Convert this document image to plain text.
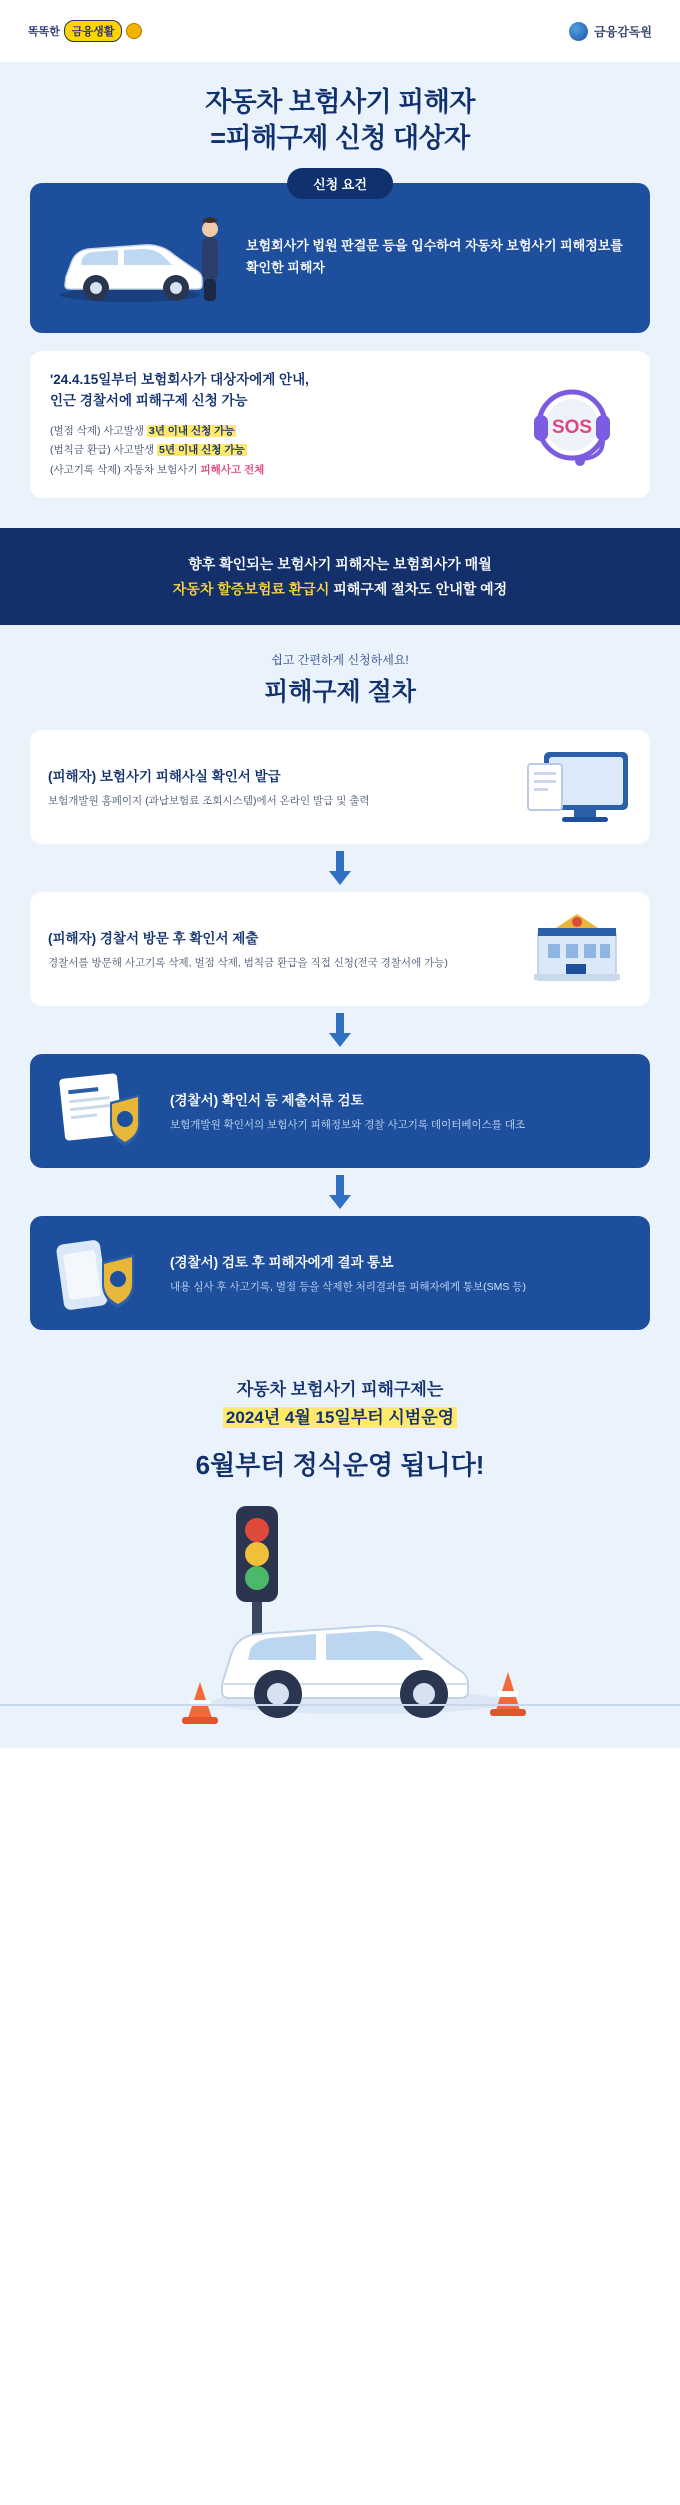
똑똑한	금융생활	금융감독원
자동차 보험사기 피해자
=피해구제 신청 대상자
신청 요건
보험회사가 법원 판결문 등을 입수하여 자동차 보험사기 피해정보를 확인한 피해자
'24.4.15일부터 보험회사가 대상자에게 안내,
인근 경찰서에 피해구제 신청 가능
(벌점 삭제) 사고발생 3년 이내 신청 가능
(범칙금 환급) 사고발생 5년 이내 신청 가능
(사고기록 삭제) 자동차 보험사기 피해사고 전체
SOS

향후 확인되는 보험사기 피해자는 보험회사가 매월
자동차 할증보험료 환급시 피해구제 절차도 안내할 예정

쉽고 간편하게 신청하세요!
피해구제 절차
(피해자) 보험사기 피해사실 확인서 발급
보험개발원 홈페이지 (과납보험료 조회시스템)에서 온라인 발급 및 출력
(피해자) 경찰서 방문 후 확인서 제출
경찰서를 방문해 사고기록 삭제, 벌점 삭제, 범칙금 환급을 직접 신청(전국 경찰서에 가능)
(경찰서) 확인서 등 제출서류 검토
보험개발원 확인서의 보험사기 피해정보와 경찰 사고기록 데이터베이스를 대조
(경찰서) 검토 후 피해자에게 결과 통보
내용 심사 후 사고기록, 벌점 등을 삭제한 처리결과를 피해자에게 통보(SMS 등)
자동차 보험사기 피해구제는
2024년 4월 15일부터 시범운영
6월부터 정식운영 됩니다!
